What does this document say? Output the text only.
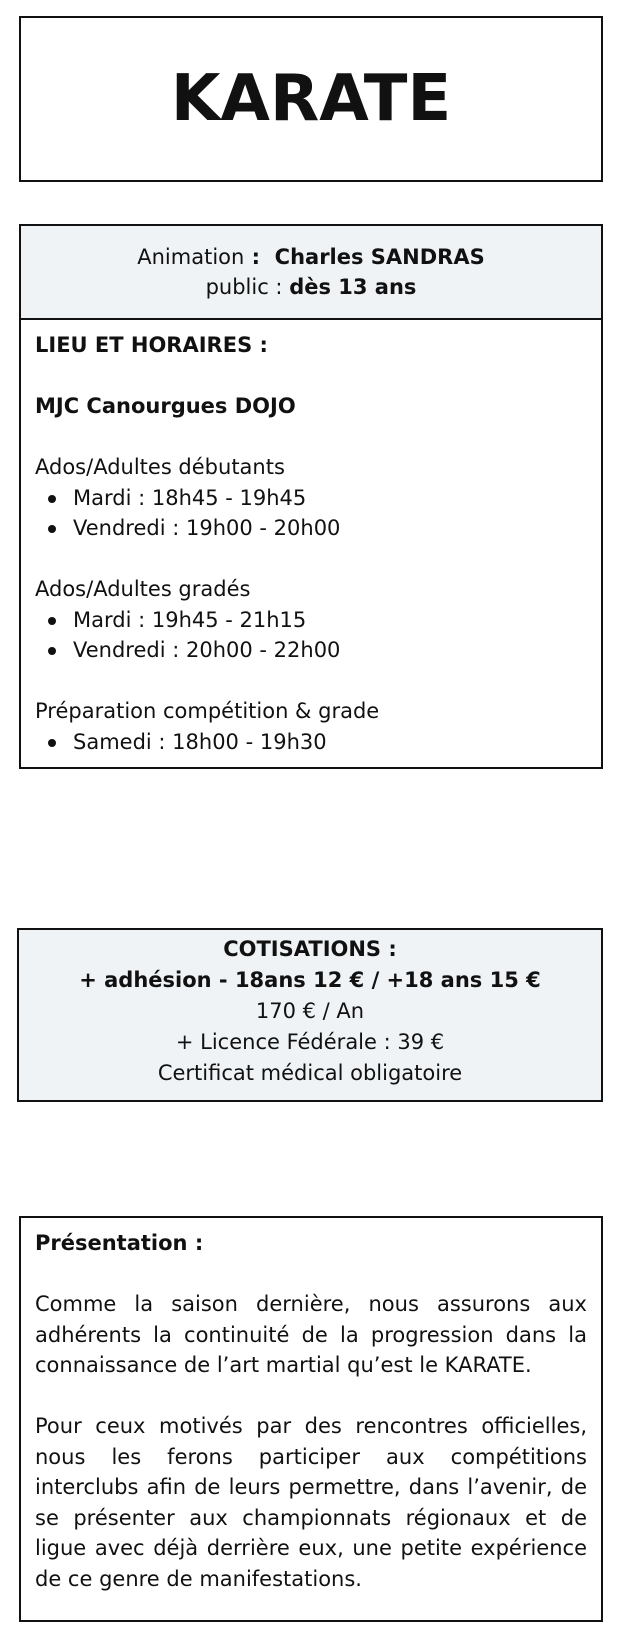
KARATE
Animation :  Charles SANDRAS
public : dès 13 ans

LIEU ET HORAIRES :

MJC Canourgues DOJO

Ados/Adultes débutants

Mardi : 18h45 - 19h45
Vendredi : 19h00 - 20h00

Ados/Adultes gradés

Mardi : 19h45 - 21h15
Vendredi : 20h00 - 22h00

Préparation compétition & grade

Samedi : 18h00 - 19h30

COTISATIONS :

+ adhésion - 18ans 12 € / +18 ans 15 €

170 € / An

+ Licence Fédérale : 39 €

Certificat médical obligatoire

Présentation :

Comme la saison dernière, nous assurons aux adhérents la continuité de la progression dans la connaissance de l’art martial qu’est le KARATE.

Pour ceux motivés par des rencontres officielles, nous les ferons participer aux compétitions interclubs afin de leurs permettre, dans l’avenir, de se présenter aux championnats régionaux et de ligue avec déjà derrière eux, une petite expérience de ce genre de manifestations.
